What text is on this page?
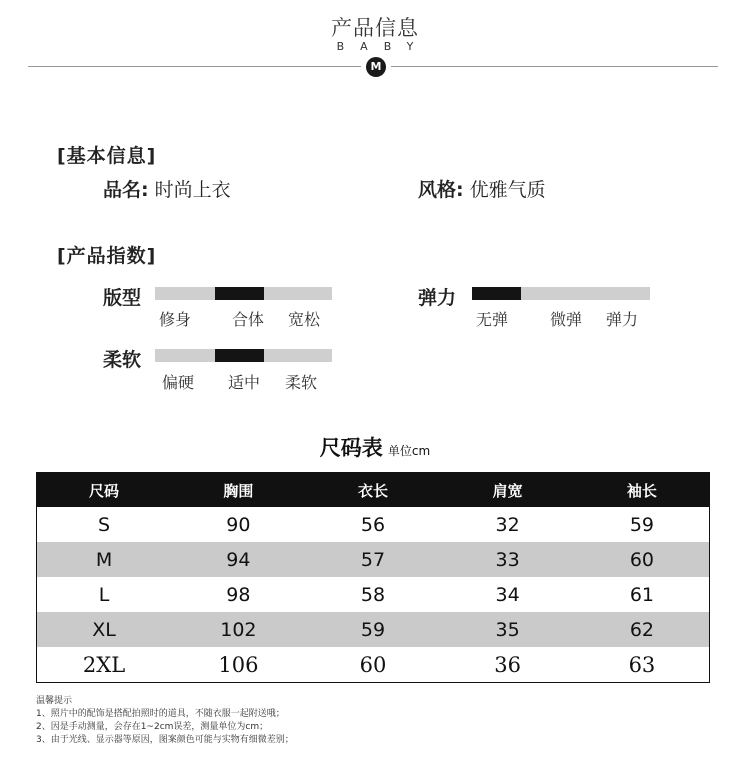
产品信息
BABY
M
[基本信息]
品名: 时尚上衣	风格: 优雅气质
[产品指数]
版型
修身	合体 宽松
弹力
无弹	微弹 弹力
柔软
偏硬 适中 柔软
尺码表 单位cm
尺码	胸围	衣长	肩宽	袖长
S	90	56	32	59
M	94	57	33	60
L	98	58	34	61
XL	102	59	35	62
2XL	106	60	36	63
温馨提示
1、照片中的配饰是搭配拍照时的道具，不随衣服一起附送哦；
2、因是手动测量，会存在1~2cm误差，测量单位为cm；
3、由于光线、显示器等原因，图案颜色可能与实物有细微差别；
